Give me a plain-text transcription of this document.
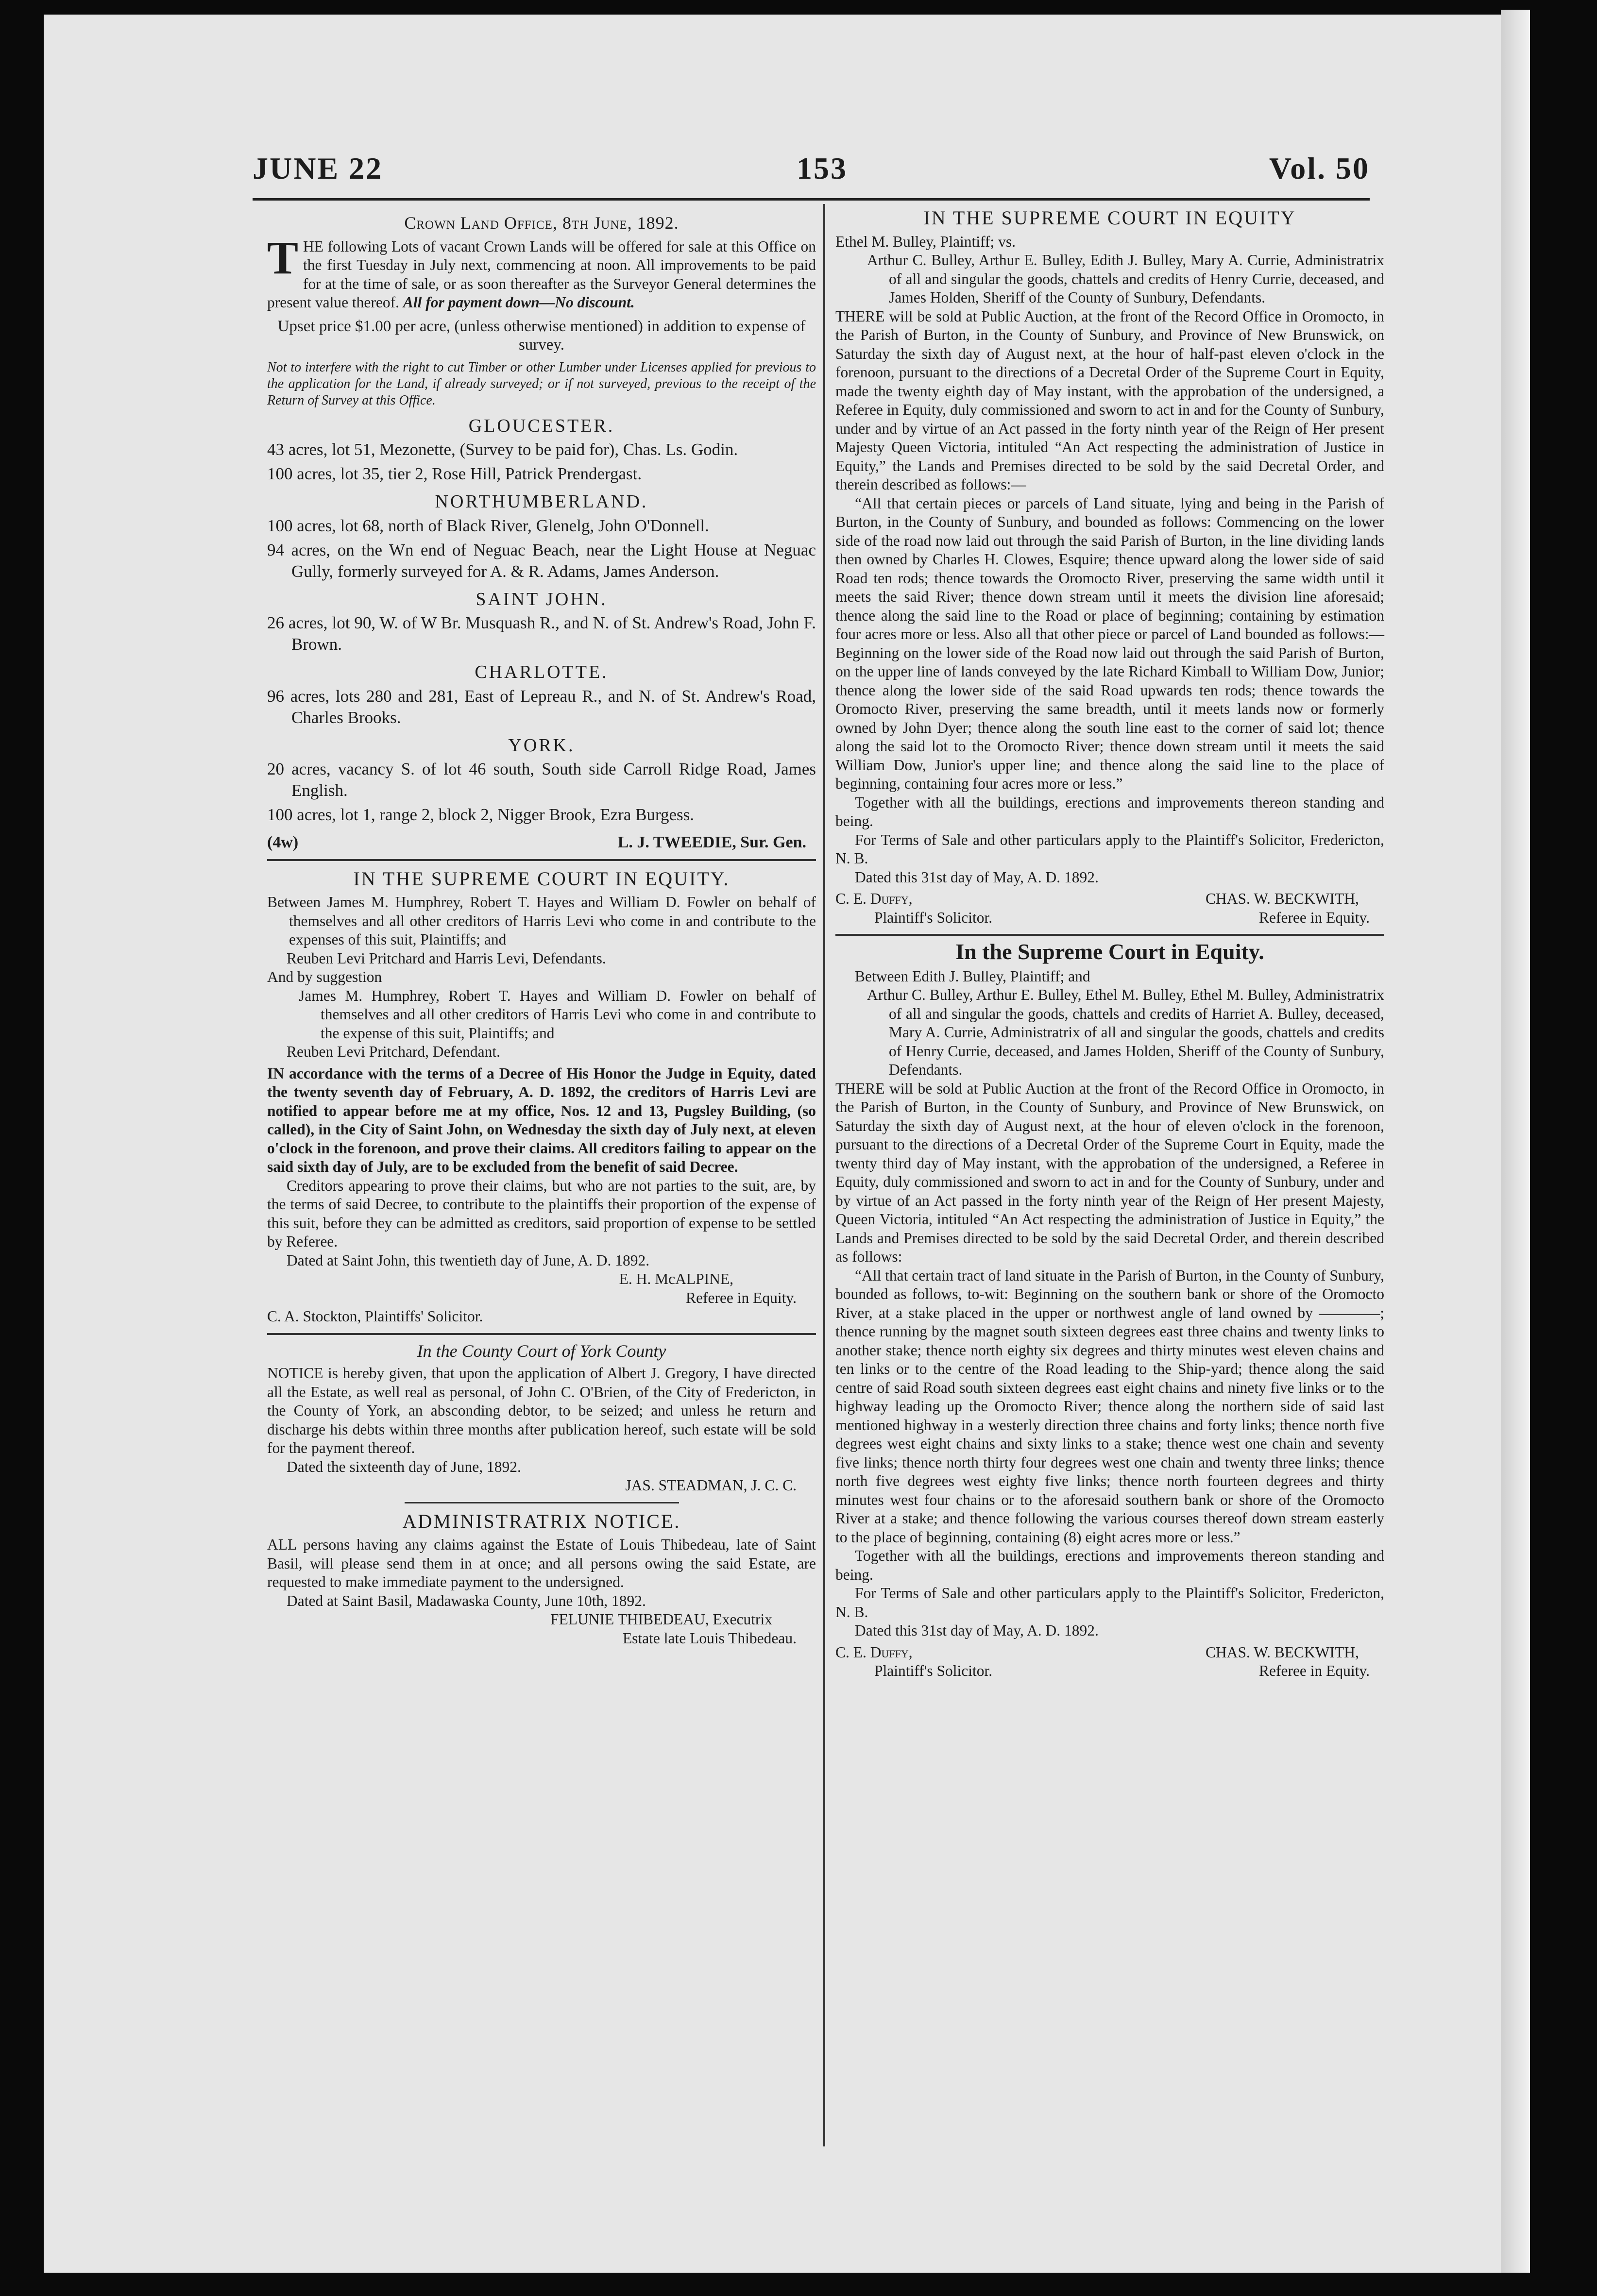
JUNE 22	153	Vol. 50
Crown Land Office, 8th June, 1892.

THE following Lots of vacant Crown Lands will be offered for sale at this Office on the first Tuesday in July next, commencing at noon. All improvements to be paid for at the time of sale, or as soon thereafter as the Surveyor General determines the present value thereof. All for payment down—No discount.

Upset price $1.00 per acre, (unless otherwise mentioned) in addition to expense of survey.

Not to interfere with the right to cut Timber or other Lumber under Licenses applied for previous to the application for the Land, if already surveyed; or if not surveyed, previous to the receipt of the Return of Survey at this Office.

GLOUCESTER.

43 acres, lot 51, Mezonette, (Survey to be paid for), Chas. Ls. Godin.

100 acres, lot 35, tier 2, Rose Hill, Patrick Prendergast.

NORTHUMBERLAND.

100 acres, lot 68, north of Black River, Glenelg, John O'Donnell.

94 acres, on the Wn end of Neguac Beach, near the Light House at Neguac Gully, formerly surveyed for A. & R. Adams, James Anderson.

SAINT JOHN.

26 acres, lot 90, W. of W Br. Musquash R., and N. of St. Andrew's Road, John F. Brown.

CHARLOTTE.

96 acres, lots 280 and 281, East of Lepreau R., and N. of St. Andrew's Road, Charles Brooks.

YORK.

20 acres, vacancy S. of lot 46 south, South side Carroll Ridge Road, James English.

100 acres, lot 1, range 2, block 2, Nigger Brook, Ezra Burgess.

(4w)	L. J. TWEEDIE, Sur. Gen.
IN THE SUPREME COURT IN EQUITY.

Between James M. Humphrey, Robert T. Hayes and William D. Fowler on behalf of themselves and all other creditors of Harris Levi who come in and contribute to the expenses of this suit, Plaintiffs; and

Reuben Levi Pritchard and Harris Levi, Defendants.

And by suggestion

James M. Humphrey, Robert T. Hayes and William D. Fowler on behalf of themselves and all other creditors of Harris Levi who come in and contribute to the expense of this suit, Plaintiffs; and

Reuben Levi Pritchard, Defendant.

IN accordance with the terms of a Decree of His Honor the Judge in Equity, dated the twenty seventh day of February, A. D. 1892, the creditors of Harris Levi are notified to appear before me at my office, Nos. 12 and 13, Pugsley Building, (so called), in the City of Saint John, on Wednesday the sixth day of July next, at eleven o'clock in the forenoon, and prove their claims. All creditors failing to appear on the said sixth day of July, are to be excluded from the benefit of said Decree.

Creditors appearing to prove their claims, but who are not parties to the suit, are, by the terms of said Decree, to contribute to the plaintiffs their proportion of the expense of this suit, before they can be admitted as creditors, said proportion of expense to be settled by Referee.

Dated at Saint John, this twentieth day of June, A. D. 1892.

E. H. McALPINE,

Referee in Equity.

C. A. Stockton, Plaintiffs' Solicitor.

In the County Court of York County

NOTICE is hereby given, that upon the application of Albert J. Gregory, I have directed all the Estate, as well real as personal, of John C. O'Brien, of the City of Fredericton, in the County of York, an absconding debtor, to be seized; and unless he return and discharge his debts within three months after publication hereof, such estate will be sold for the payment thereof.

Dated the sixteenth day of June, 1892.

JAS. STEADMAN, J. C. C.

ADMINISTRATRIX NOTICE.

ALL persons having any claims against the Estate of Louis Thibedeau, late of Saint Basil, will please send them in at once; and all persons owing the said Estate, are requested to make immediate payment to the undersigned.

Dated at Saint Basil, Madawaska County, June 10th, 1892.

FELUNIE THIBEDEAU, Executrix

Estate late Louis Thibedeau.

IN THE SUPREME COURT IN EQUITY

Ethel M. Bulley, Plaintiff; vs.

Arthur C. Bulley, Arthur E. Bulley, Edith J. Bulley, Mary A. Currie, Administratrix of all and singular the goods, chattels and credits of Henry Currie, deceased, and James Holden, Sheriff of the County of Sunbury, Defendants.

THERE will be sold at Public Auction, at the front of the Record Office in Oromocto, in the Parish of Burton, in the County of Sunbury, and Province of New Brunswick, on Saturday the sixth day of August next, at the hour of half-past eleven o'clock in the forenoon, pursuant to the directions of a Decretal Order of the Supreme Court in Equity, made the twenty eighth day of May instant, with the approbation of the undersigned, a Referee in Equity, duly commissioned and sworn to act in and for the County of Sunbury, under and by virtue of an Act passed in the forty ninth year of the Reign of Her present Majesty Queen Victoria, intituled “An Act respecting the administration of Justice in Equity,” the Lands and Premises directed to be sold by the said Decretal Order, and therein described as follows:—

“All that certain pieces or parcels of Land situate, lying and being in the Parish of Burton, in the County of Sunbury, and bounded as follows: Commencing on the lower side of the road now laid out through the said Parish of Burton, in the line dividing lands then owned by Charles H. Clowes, Esquire; thence upward along the lower side of said Road ten rods; thence towards the Oromocto River, preserving the same width until it meets the said River; thence down stream until it meets the division line aforesaid; thence along the said line to the Road or place of beginning; containing by estimation four acres more or less. Also all that other piece or parcel of Land bounded as follows:—Beginning on the lower side of the Road now laid out through the said Parish of Burton, on the upper line of lands conveyed by the late Richard Kimball to William Dow, Junior; thence along the lower side of the said Road upwards ten rods; thence towards the Oromocto River, preserving the same breadth, until it meets lands now or formerly owned by John Dyer; thence along the south line east to the corner of said lot; thence along the said lot to the Oromocto River; thence down stream until it meets the said William Dow, Junior's upper line; and thence along the said line to the place of beginning, containing four acres more or less.”

Together with all the buildings, erections and improvements thereon standing and being.

For Terms of Sale and other particulars apply to the Plaintiff's Solicitor, Fredericton, N. B.

Dated this 31st day of May, A. D. 1892.

C. E. Duffy,
Plaintiff's Solicitor.
CHAS. W. BECKWITH,
Referee in Equity.
In the Supreme Court in Equity.

Between Edith J. Bulley, Plaintiff; and

Arthur C. Bulley, Arthur E. Bulley, Ethel M. Bulley, Ethel M. Bulley, Administratrix of all and singular the goods, chattels and credits of Harriet A. Bulley, deceased, Mary A. Currie, Administratrix of all and singular the goods, chattels and credits of Henry Currie, deceased, and James Holden, Sheriff of the County of Sunbury, Defendants.

THERE will be sold at Public Auction at the front of the Record Office in Oromocto, in the Parish of Burton, in the County of Sunbury, and Province of New Brunswick, on Saturday the sixth day of August next, at the hour of eleven o'clock in the forenoon, pursuant to the directions of a Decretal Order of the Supreme Court in Equity, made the twenty third day of May instant, with the approbation of the undersigned, a Referee in Equity, duly commissioned and sworn to act in and for the County of Sunbury, under and by virtue of an Act passed in the forty ninth year of the Reign of Her present Majesty, Queen Victoria, intituled “An Act respecting the administration of Justice in Equity,” the Lands and Premises directed to be sold by the said Decretal Order, and therein described as follows:

“All that certain tract of land situate in the Parish of Burton, in the County of Sunbury, bounded as follows, to-wit: Beginning on the southern bank or shore of the Oromocto River, at a stake placed in the upper or northwest angle of land owned by ————; thence running by the magnet south sixteen degrees east three chains and twenty links to another stake; thence north eighty six degrees and thirty minutes west eleven chains and ten links or to the centre of the Road leading to the Ship-yard; thence along the said centre of said Road south sixteen degrees east eight chains and ninety five links or to the highway leading up the Oromocto River; thence along the northern side of said last mentioned highway in a westerly direction three chains and forty links; thence north five degrees west eight chains and sixty links to a stake; thence west one chain and seventy five links; thence north thirty four degrees west one chain and twenty three links; thence north five degrees west eighty five links; thence north fourteen degrees and thirty minutes west four chains or to the aforesaid southern bank or shore of the Oromocto River at a stake; and thence following the various courses thereof down stream easterly to the place of beginning, containing (8) eight acres more or less.”

Together with all the buildings, erections and improvements thereon standing and being.

For Terms of Sale and other particulars apply to the Plaintiff's Solicitor, Fredericton, N. B.

Dated this 31st day of May, A. D. 1892.

C. E. Duffy,
Plaintiff's Solicitor.
CHAS. W. BECKWITH,
Referee in Equity.
